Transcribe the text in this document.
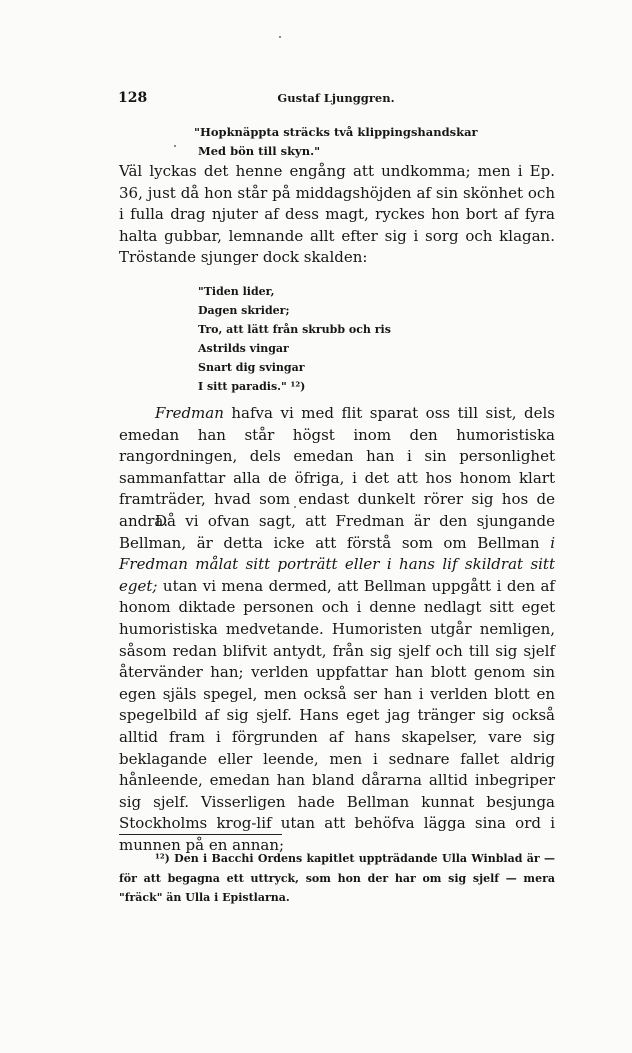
128	Gustaf Ljunggren.
"Hopknäppta sträcks två klippingshandskar
Med bön till skyn."
Väl lyckas det henne engång att undkomma; men i Ep. 36, just då hon står på middagshöjden af sin skönhet och i fulla drag njuter af dess magt, ryckes hon bort af fyra halta gubbar, lemnande allt efter sig i sorg och klagan. Tröstande sjunger dock skalden:
"Tiden lider,
Dagen skrider;
Tro, att lätt från skrubb och ris
Astrilds vingar
Snart dig svingar
I sitt paradis." ¹²)
Fredman hafva vi med flit sparat oss till sist, dels emedan han står högst inom den humoristiska rangordningen, dels emedan han i sin personlighet sammanfattar alla de öfriga, i det att hos honom klart framträder, hvad som endast dunkelt rörer sig hos de andra.
Då vi ofvan sagt, att Fredman är den sjungande Bellman, är detta icke att förstå som om Bellman i Fredman målat sitt porträtt eller i hans lif skildrat sitt eget; utan vi mena dermed, att Bellman uppgått i den af honom diktade personen och i denne nedlagt sitt eget humoristiska medvetande. Humoristen utgår nemligen, såsom redan blifvit antydt, från sig sjelf och till sig sjelf återvänder han; verlden uppfattar han blott genom sin egen själs spegel, men också ser han i verlden blott en spegelbild af sig sjelf. Hans eget jag tränger sig också alltid fram i förgrunden af hans skapelser, vare sig beklagande eller leende, men i sednare fallet aldrig hånleende, emedan han bland dårarna alltid inbegriper sig sjelf. Visserligen hade Bellman kunnat besjunga Stockholms krog-lif utan att behöfva lägga sina ord i munnen på en annan;
¹²) Den i Bacchi Ordens kapitlet uppträdande Ulla Winblad är — för att begagna ett uttryck, som hon der har om sig sjelf — mera "fräck" än Ulla i Epistlarna.
